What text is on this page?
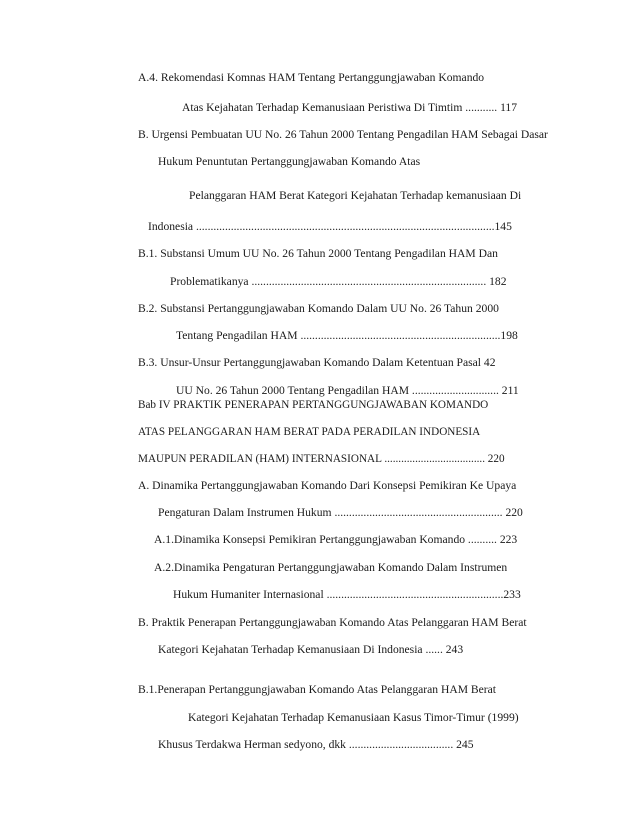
A.4. Rekomendasi Komnas HAM Tentang Pertanggungjawaban Komando
Atas Kejahatan Terhadap Kemanusiaan Peristiwa Di Timtim ........... 117
B. Urgensi Pembuatan UU No. 26 Tahun 2000 Tentang Pengadilan HAM Sebagai Dasar
Hukum Penuntutan Pertanggungjawaban Komando Atas
Pelanggaran HAM Berat Kategori Kejahatan Terhadap kemanusiaan Di
Indonesia .......................................................................................................145
B.1. Substansi Umum UU No. 26 Tahun 2000 Tentang Pengadilan HAM Dan
Problematikanya ................................................................................. 182
B.2. Substansi Pertanggungjawaban Komando Dalam UU No. 26 Tahun 2000
Tentang Pengadilan HAM .....................................................................198
B.3. Unsur-Unsur Pertanggungjawaban Komando Dalam Ketentuan Pasal 42
UU No. 26 Tahun 2000 Tentang Pengadilan HAM .............................. 211
Bab IV PRAKTIK PENERAPAN PERTANGGUNGJAWABAN KOMANDO
ATAS PELANGGARAN HAM BERAT PADA PERADILAN INDONESIA
MAUPUN PERADILAN (HAM) INTERNASIONAL .................................... 220
A. Dinamika Pertanggungjawaban Komando Dari Konsepsi Pemikiran Ke Upaya
Pengaturan Dalam Instrumen Hukum .......................................................... 220
A.1.Dinamika Konsepsi Pemikiran Pertanggungjawaban Komando .......... 223
A.2.Dinamika Pengaturan Pertanggungjawaban Komando Dalam Instrumen
Hukum Humaniter Internasional .............................................................233
B. Praktik Penerapan Pertanggungjawaban Komando Atas Pelanggaran HAM Berat
Kategori Kejahatan Terhadap Kemanusiaan Di Indonesia ...... 243
B.1.Penerapan Pertanggungjawaban Komando Atas Pelanggaran HAM Berat
Kategori Kejahatan Terhadap Kemanusiaan Kasus Timor-Timur (1999)
Khusus Terdakwa Herman sedyono, dkk .................................... 245
